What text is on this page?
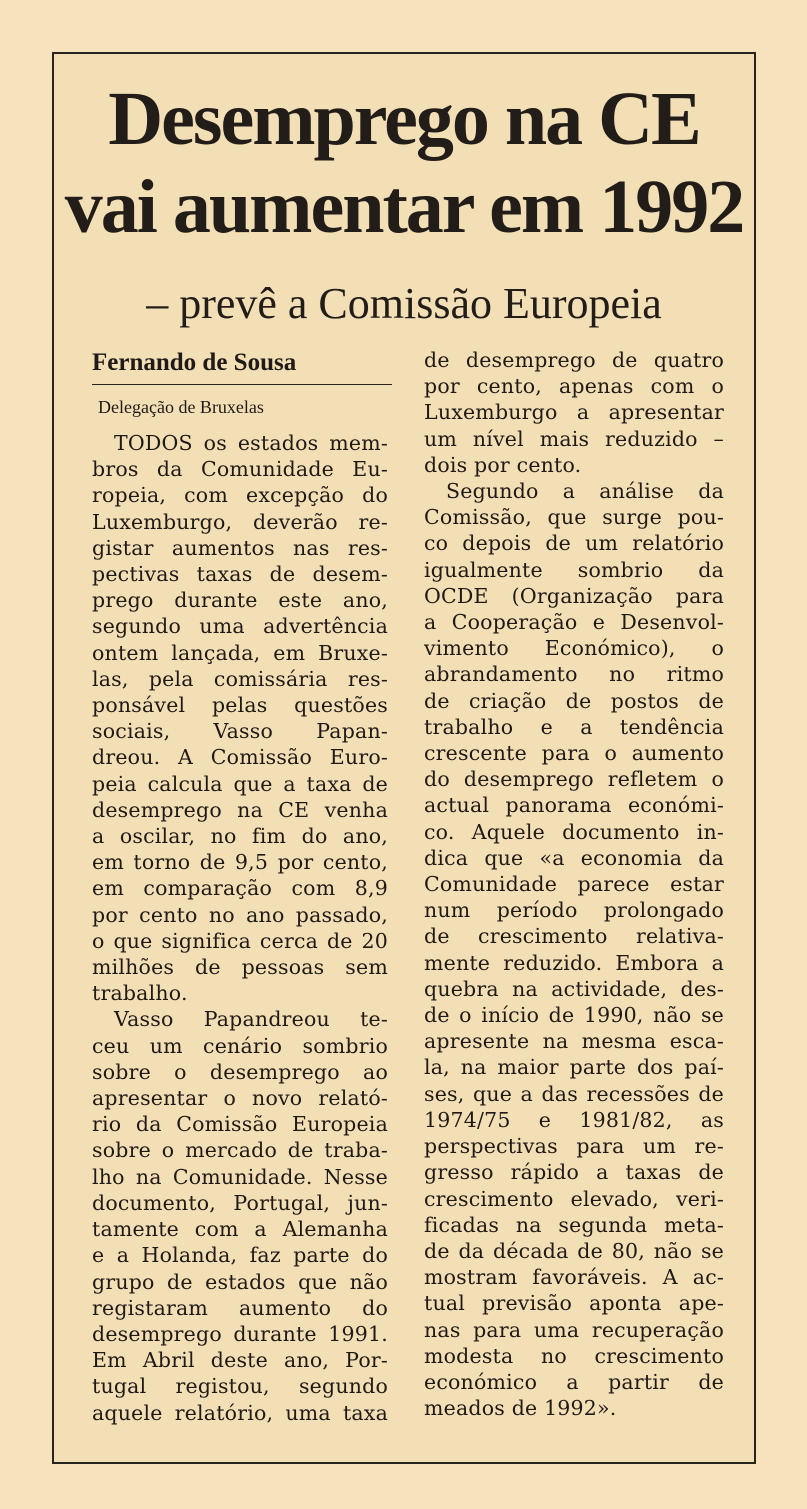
Desemprego na CE
vai aumentar em 1992
– prevê a Comissão Europeia
Fernando de Sousa
Delegação de Bruxelas
TODOS os estados mem-
bros da Comunidade Eu-
ropeia, com excepção do
Luxemburgo, deverão re-
gistar aumentos nas res-
pectivas taxas de desem-
prego durante este ano,
segundo uma advertência
ontem lançada, em Bruxe-
las, pela comissária res-
ponsável pelas questões
sociais, Vasso Papan-
dreou. A Comissão Euro-
peia calcula que a taxa de
desemprego na CE venha
a oscilar, no fim do ano,
em torno de 9,5 por cento,
em comparação com 8,9
por cento no ano passado,
o que significa cerca de 20
milhões de pessoas sem
trabalho.
Vasso Papandreou te-
ceu um cenário sombrio
sobre o desemprego ao
apresentar o novo relató-
rio da Comissão Europeia
sobre o mercado de traba-
lho na Comunidade. Nesse
documento, Portugal, jun-
tamente com a Alemanha
e a Holanda, faz parte do
grupo de estados que não
registaram aumento do
desemprego durante 1991.
Em Abril deste ano, Por-
tugal registou, segundo
aquele relatório, uma taxa
de desemprego de quatro
por cento, apenas com o
Luxemburgo a apresentar
um nível mais reduzido –
dois por cento.
Segundo a análise da
Comissão, que surge pou-
co depois de um relatório
igualmente sombrio da
OCDE (Organização para
a Cooperação e Desenvol-
vimento Económico), o
abrandamento no ritmo
de criação de postos de
trabalho e a tendência
crescente para o aumento
do desemprego refletem o
actual panorama económi-
co. Aquele documento in-
dica que «a economia da
Comunidade parece estar
num período prolongado
de crescimento relativa-
mente reduzido. Embora a
quebra na actividade, des-
de o início de 1990, não se
apresente na mesma esca-
la, na maior parte dos paí-
ses, que a das recessões de
1974/75 e 1981/82, as
perspectivas para um re-
gresso rápido a taxas de
crescimento elevado, veri-
ficadas na segunda meta-
de da década de 80, não se
mostram favoráveis. A ac-
tual previsão aponta ape-
nas para uma recuperação
modesta no crescimento
económico a partir de
meados de 1992».
